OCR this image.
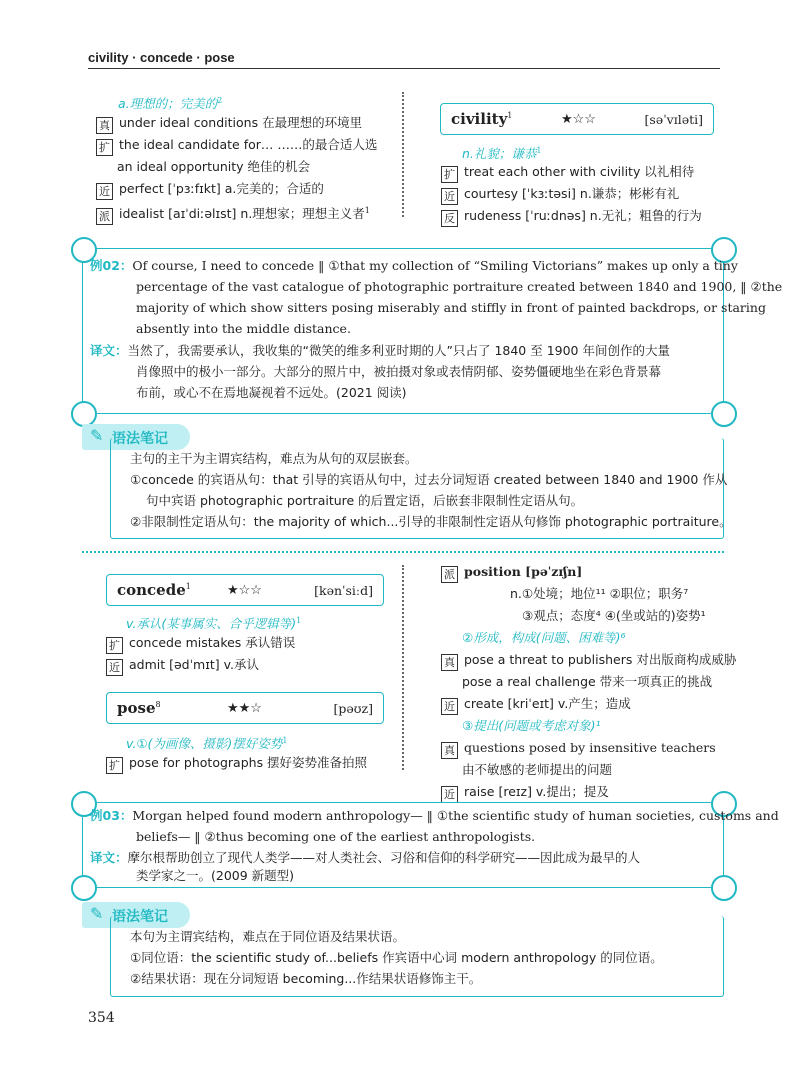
civility · concede · pose
a.理想的；完美的$^2$
真 under ideal conditions 在最理想的环境里
扩 the ideal candidate for… ……的最合适人选
an ideal opportunity 绝佳的机会
近 perfect [ˈpɜːfɪkt] a.完美的；合适的
派 idealist [aɪˈdiːəlɪst] n.理想家；理想主义者$^1$
civility$^1$	★☆☆	[səˈvɪləti]
n.礼貌；谦恭$^1$
扩 treat each other with civility 以礼相待
近 courtesy [ˈkɜːtəsi] n.谦恭；彬彬有礼
反 rudeness [ˈruːdnəs] n.无礼；粗鲁的行为
例02：Of course, I need to concede ‖ ①that my collection of “Smiling Victorians” makes up only a tiny
percentage of the vast catalogue of photographic portraiture created between 1840 and 1900, ‖ ②the
majority of which show sitters posing miserably and stiffly in front of painted backdrops, or staring
absently into the middle distance.
译文：当然了，我需要承认，我收集的“微笑的维多利亚时期的人”只占了 1840 至 1900 年间创作的大量
肖像照中的极小一部分。大部分的照片中，被拍摄对象或表情阴郁、姿势僵硬地坐在彩色背景幕
布前，或心不在焉地凝视着不远处。(2021 阅读)
✎ 语法笔记
主句的主干为主谓宾结构，难点为从句的双层嵌套。
①concede 的宾语从句：that 引导的宾语从句中，过去分词短语 created between 1840 and 1900 作从
句中宾语 photographic portraiture 的后置定语，后嵌套非限制性定语从句。
②非限制性定语从句：the majority of which...引导的非限制性定语从句修饰 photographic portraiture。
concede$^1$	★☆☆	[kənˈsiːd]
v.承认(某事属实、合乎逻辑等)$^1$
扩 concede mistakes 承认错误
近 admit [ədˈmɪt] v.承认
pose$^8$	★★☆	[pəʊz]
v.①(为画像、摄影)摆好姿势$^1$
扩 pose for photographs 摆好姿势准备拍照
派 position [pəˈzɪʃn]
n.①处境；地位¹¹ ②职位；职务⁷
③观点；态度⁴ ④(坐或站的)姿势¹
②形成，构成(问题、困难等)⁶
真 pose a threat to publishers 对出版商构成威胁
pose a real challenge 带来一项真正的挑战
近 create [kriˈeɪt] v.产生；造成
③提出(问题或考虑对象)¹
真 questions posed by insensitive teachers
由不敏感的老师提出的问题
近 raise [reɪz] v.提出；提及
例03：Morgan helped found modern anthropology— ‖ ①the scientific study of human societies, customs and
beliefs— ‖ ②thus becoming one of the earliest anthropologists.
译文：摩尔根帮助创立了现代人类学——对人类社会、习俗和信仰的科学研究——因此成为最早的人
类学家之一。(2009 新题型)
✎ 语法笔记
本句为主谓宾结构，难点在于同位语及结果状语。
①同位语：the scientific study of...beliefs 作宾语中心词 modern anthropology 的同位语。
②结果状语：现在分词短语 becoming...作结果状语修饰主干。
354
